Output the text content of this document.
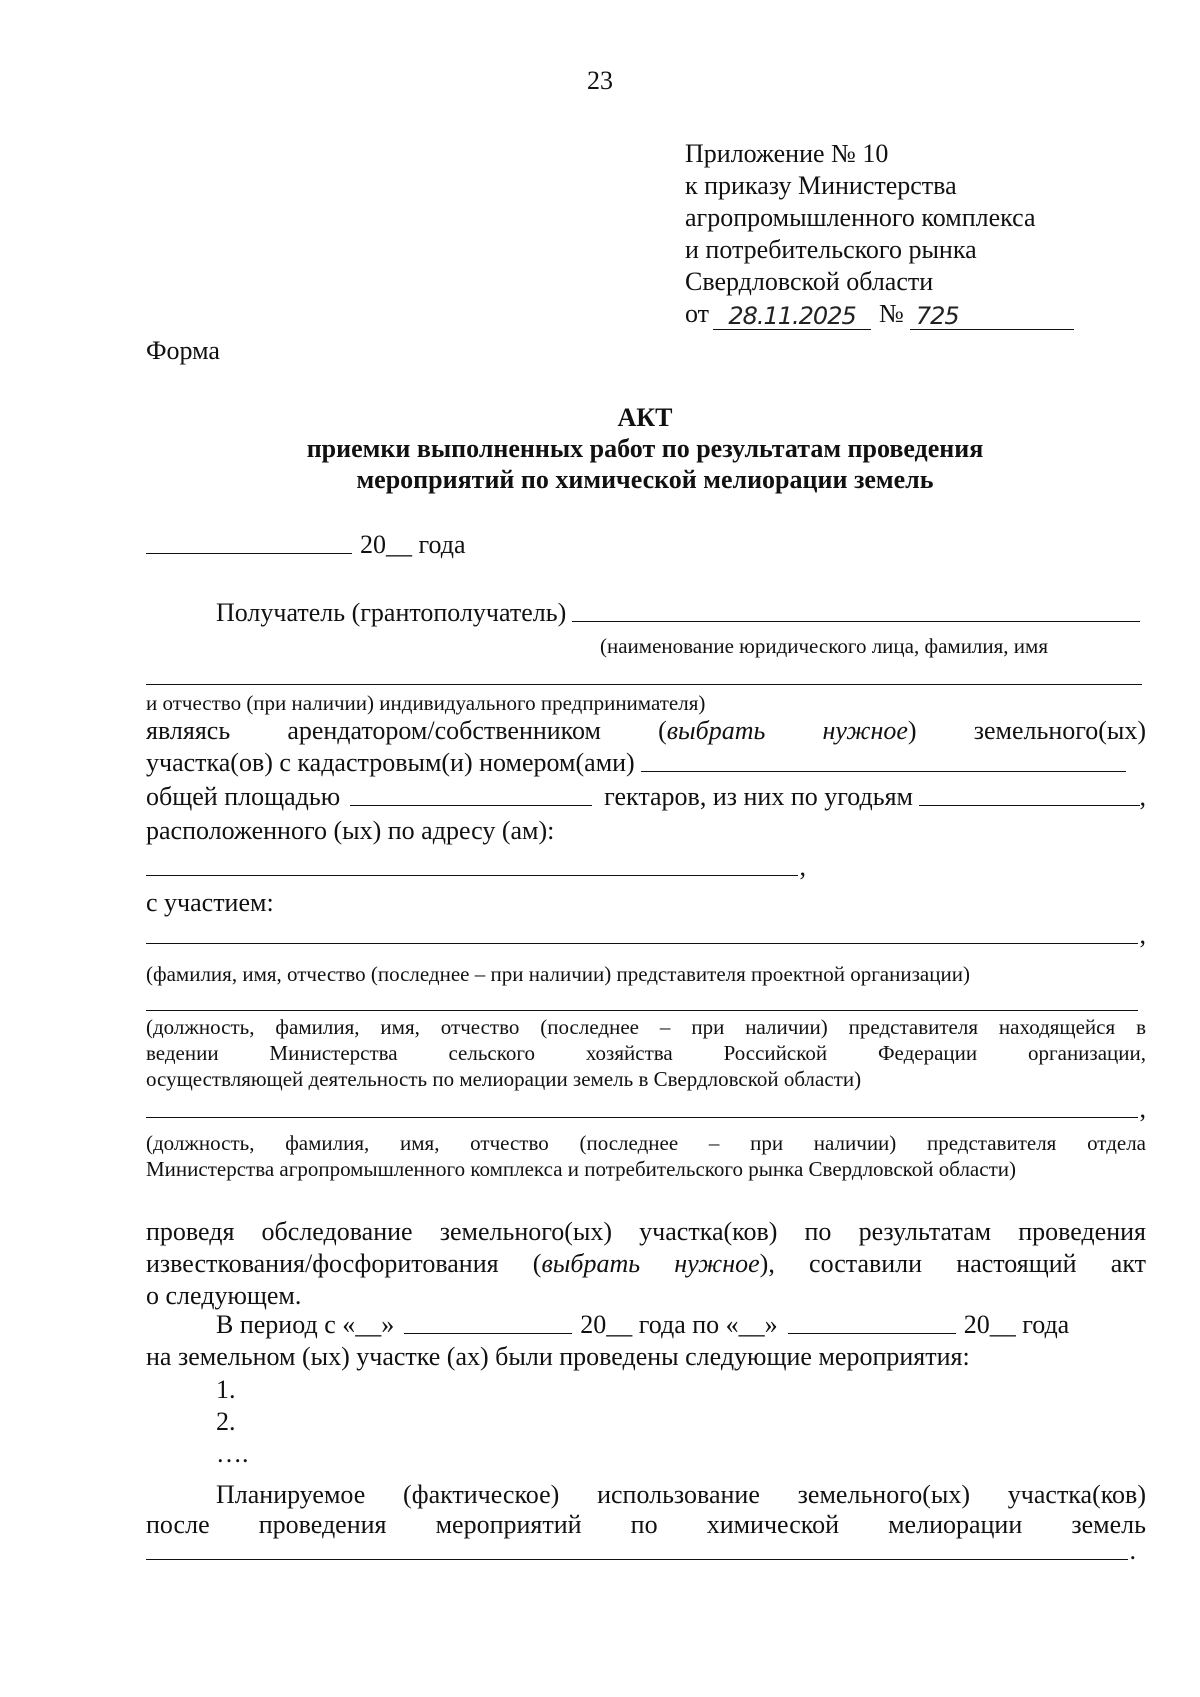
23
Приложение № 10
к приказу Министерства
агропромышленного комплекса
и потребительского рынка
Свердловской области
от 28.11.2025 № 725
Форма
АКТ
приемки выполненных работ по результатам проведения
мероприятий по химической мелиорации земель
20__ года
Получатель (грантополучатель)
(наименование юридического лица, фамилия, имя
и отчество (при наличии) индивидуального предпринимателя)
являясь арендатором/собственником (выбрать нужное) земельного(ых)
участка(ов) с кадастровым(и) номером(ами)
общей площадью	гектаров, из них по угодьям	,
расположенного (ых) по адресу (ам):
,
с участием:
,
(фамилия, имя, отчество (последнее – при наличии) представителя проектной организации)
(должность, фамилия, имя, отчество (последнее – при наличии) представителя находящейся в
ведении Министерства сельского хозяйства Российской Федерации организации,
осуществляющей деятельность по мелиорации земель в Свердловской области)
,
(должность, фамилия, имя, отчество (последнее – при наличии) представителя отдела
Министерства агропромышленного комплекса и потребительского рынка Свердловской области)
проведя обследование земельного(ых) участка(ков) по результатам проведения
известкования/фосфоритования (выбрать нужное), составили настоящий акт
о следующем.
В период с «__»	20__ года по «__»	20__ года
на земельном (ых) участке (ах) были проведены следующие мероприятия:
1.
2.
….
Планируемое (фактическое) использование земельного(ых) участка(ков)
после проведения мероприятий по химической мелиорации земель
.
